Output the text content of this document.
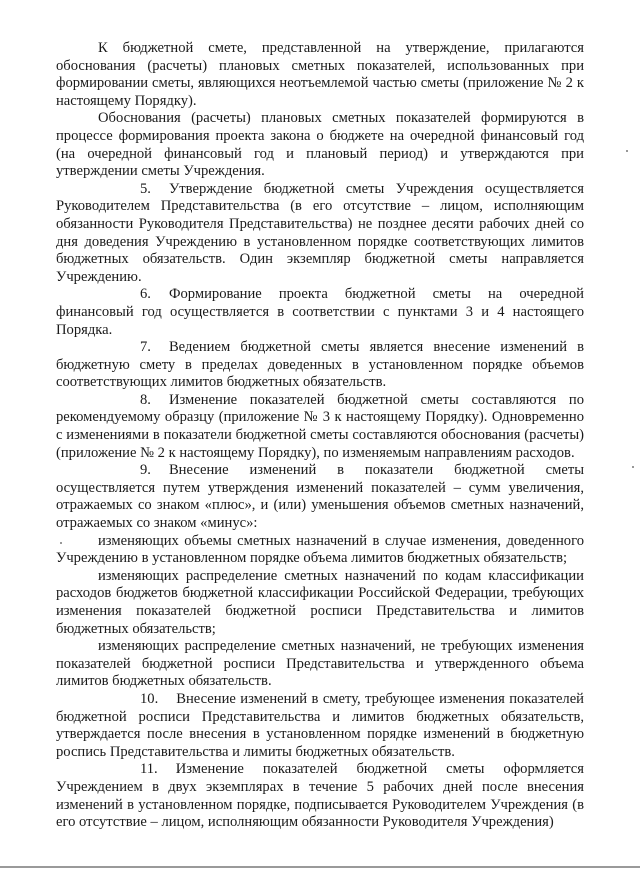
К бюджетной смете, представленной на утверждение, прилагаются обоснования (расчеты) плановых сметных показателей, использованных при формировании сметы, являющихся неотъемлемой частью сметы (приложение № 2 к настоящему Порядку).

Обоснования (расчеты) плановых сметных показателей формируются в процессе формирования проекта закона о бюджете на очередной финансовый год (на очередной финансовый год и плановый период) и утверждаются при утверждении сметы Учреждения.

5. Утверждение бюджетной сметы Учреждения осуществляется Руководителем Представительства (в его отсутствие – лицом, исполняющим обязанности Руководителя Представительства) не позднее десяти рабочих дней со дня доведения Учреждению в установленном порядке соответствующих лимитов бюджетных обязательств. Один экземпляр бюджетной сметы направляется Учреждению.

6. Формирование проекта бюджетной сметы на очередной финансовый год осуществляется в соответствии с пунктами 3 и 4 настоящего Порядка.

7. Ведением бюджетной сметы является внесение изменений в бюджетную смету в пределах доведенных в установленном порядке объемов соответствующих лимитов бюджетных обязательств.

8. Изменение показателей бюджетной сметы составляются по рекомендуемому образцу (приложение № 3 к настоящему Порядку). Одновременно с изменениями в показатели бюджетной сметы составляются обоснования (расчеты) (приложение № 2 к настоящему Порядку), по изменяемым направлениям расходов.

9. Внесение изменений в показатели бюджетной сметы осуществляется путем утверждения изменений показателей – сумм увеличения, отражаемых со знаком «плюс», и (или) уменьшения объемов сметных назначений, отражаемых со знаком «минус»:

изменяющих объемы сметных назначений в случае изменения, доведенного Учреждению в установленном порядке объема лимитов бюджетных обязательств;

изменяющих распределение сметных назначений по кодам классификации расходов бюджетов бюджетной классификации Российской Федерации, требующих изменения показателей бюджетной росписи Представительства и лимитов бюджетных обязательств;

изменяющих распределение сметных назначений, не требующих изменения показателей бюджетной росписи Представительства и утвержденного объема лимитов бюджетных обязательств.

10. Внесение изменений в смету, требующее изменения показателей бюджетной росписи Представительства и лимитов бюджетных обязательств, утверждается после внесения в установленном порядке изменений в бюджетную роспись Представительства и лимиты бюджетных обязательств.

11. Изменение показателей бюджетной сметы оформляется Учреждением в двух экземплярах в течение 5 рабочих дней после внесения изменений в установленном порядке, подписывается Руководителем Учреждения (в его отсутствие – лицом, исполняющим обязанности Руководителя Учреждения)
